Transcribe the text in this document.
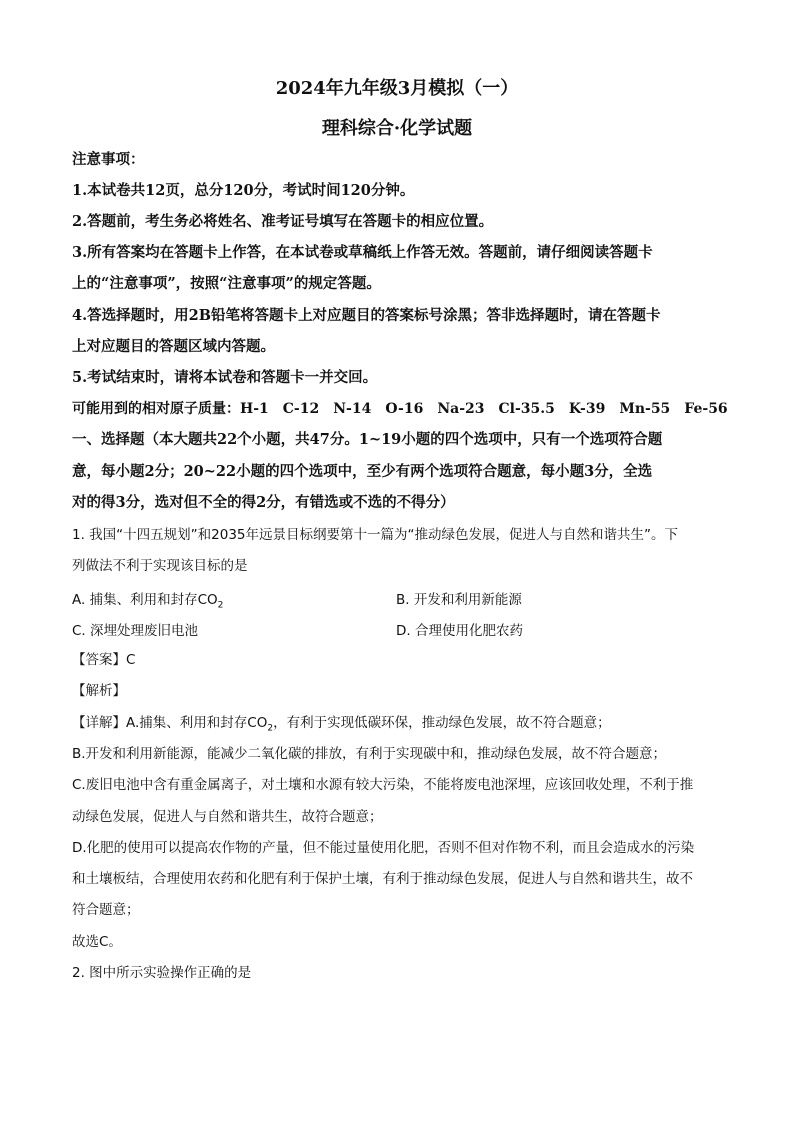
2024年九年级3月模拟（一）
理科综合·化学试题
注意事项：
1.本试卷共12页，总分120分，考试时间120分钟。
2.答题前，考生务必将姓名、准考证号填写在答题卡的相应位置。
3.所有答案均在答题卡上作答，在本试卷或草稿纸上作答无效。答题前，请仔细阅读答题卡
上的“注意事项”，按照“注意事项”的规定答题。
4.答选择题时，用2B铅笔将答题卡上对应题目的答案标号涂黑；答非选择题时，请在答题卡
上对应题目的答题区域内答题。
5.考试结束时，请将本试卷和答题卡一并交回。
可能用到的相对原子质量：H-1 C-12 N-14 O-16 Na-23 Cl-35.5 K-39 Mn-55 Fe-56
一、选择题（本大题共22个小题，共47分。1~19小题的四个选项中，只有一个选项符合题
意，每小题2分；20~22小题的四个选项中，至少有两个选项符合题意，每小题3分，全选
对的得3分，选对但不全的得2分，有错选或不选的不得分）
1. 我国“十四五规划”和2035年远景目标纲要第十一篇为“推动绿色发展，促进人与自然和谐共生”。下
列做法不利于实现该目标的是
A. 捕集、利用和封存$CO_2$	B. 开发和利用新能源
C. 深埋处理废旧电池	D. 合理使用化肥农药
【答案】C
【解析】
【详解】A.捕集、利用和封存$CO_2$，有利于实现低碳环保，推动绿色发展，故不符合题意；
B.开发和利用新能源，能减少二氧化碳的排放，有利于实现碳中和，推动绿色发展，故不符合题意；
C.废旧电池中含有重金属离子，对土壤和水源有较大污染，不能将废电池深埋，应该回收处理，不利于推
动绿色发展，促进人与自然和谐共生，故符合题意；
D.化肥的使用可以提高农作物的产量，但不能过量使用化肥，否则不但对作物不利，而且会造成水的污染
和土壤板结，合理使用农药和化肥有利于保护土壤，有利于推动绿色发展，促进人与自然和谐共生，故不
符合题意；
故选C。
2. 图中所示实验操作正确的是
